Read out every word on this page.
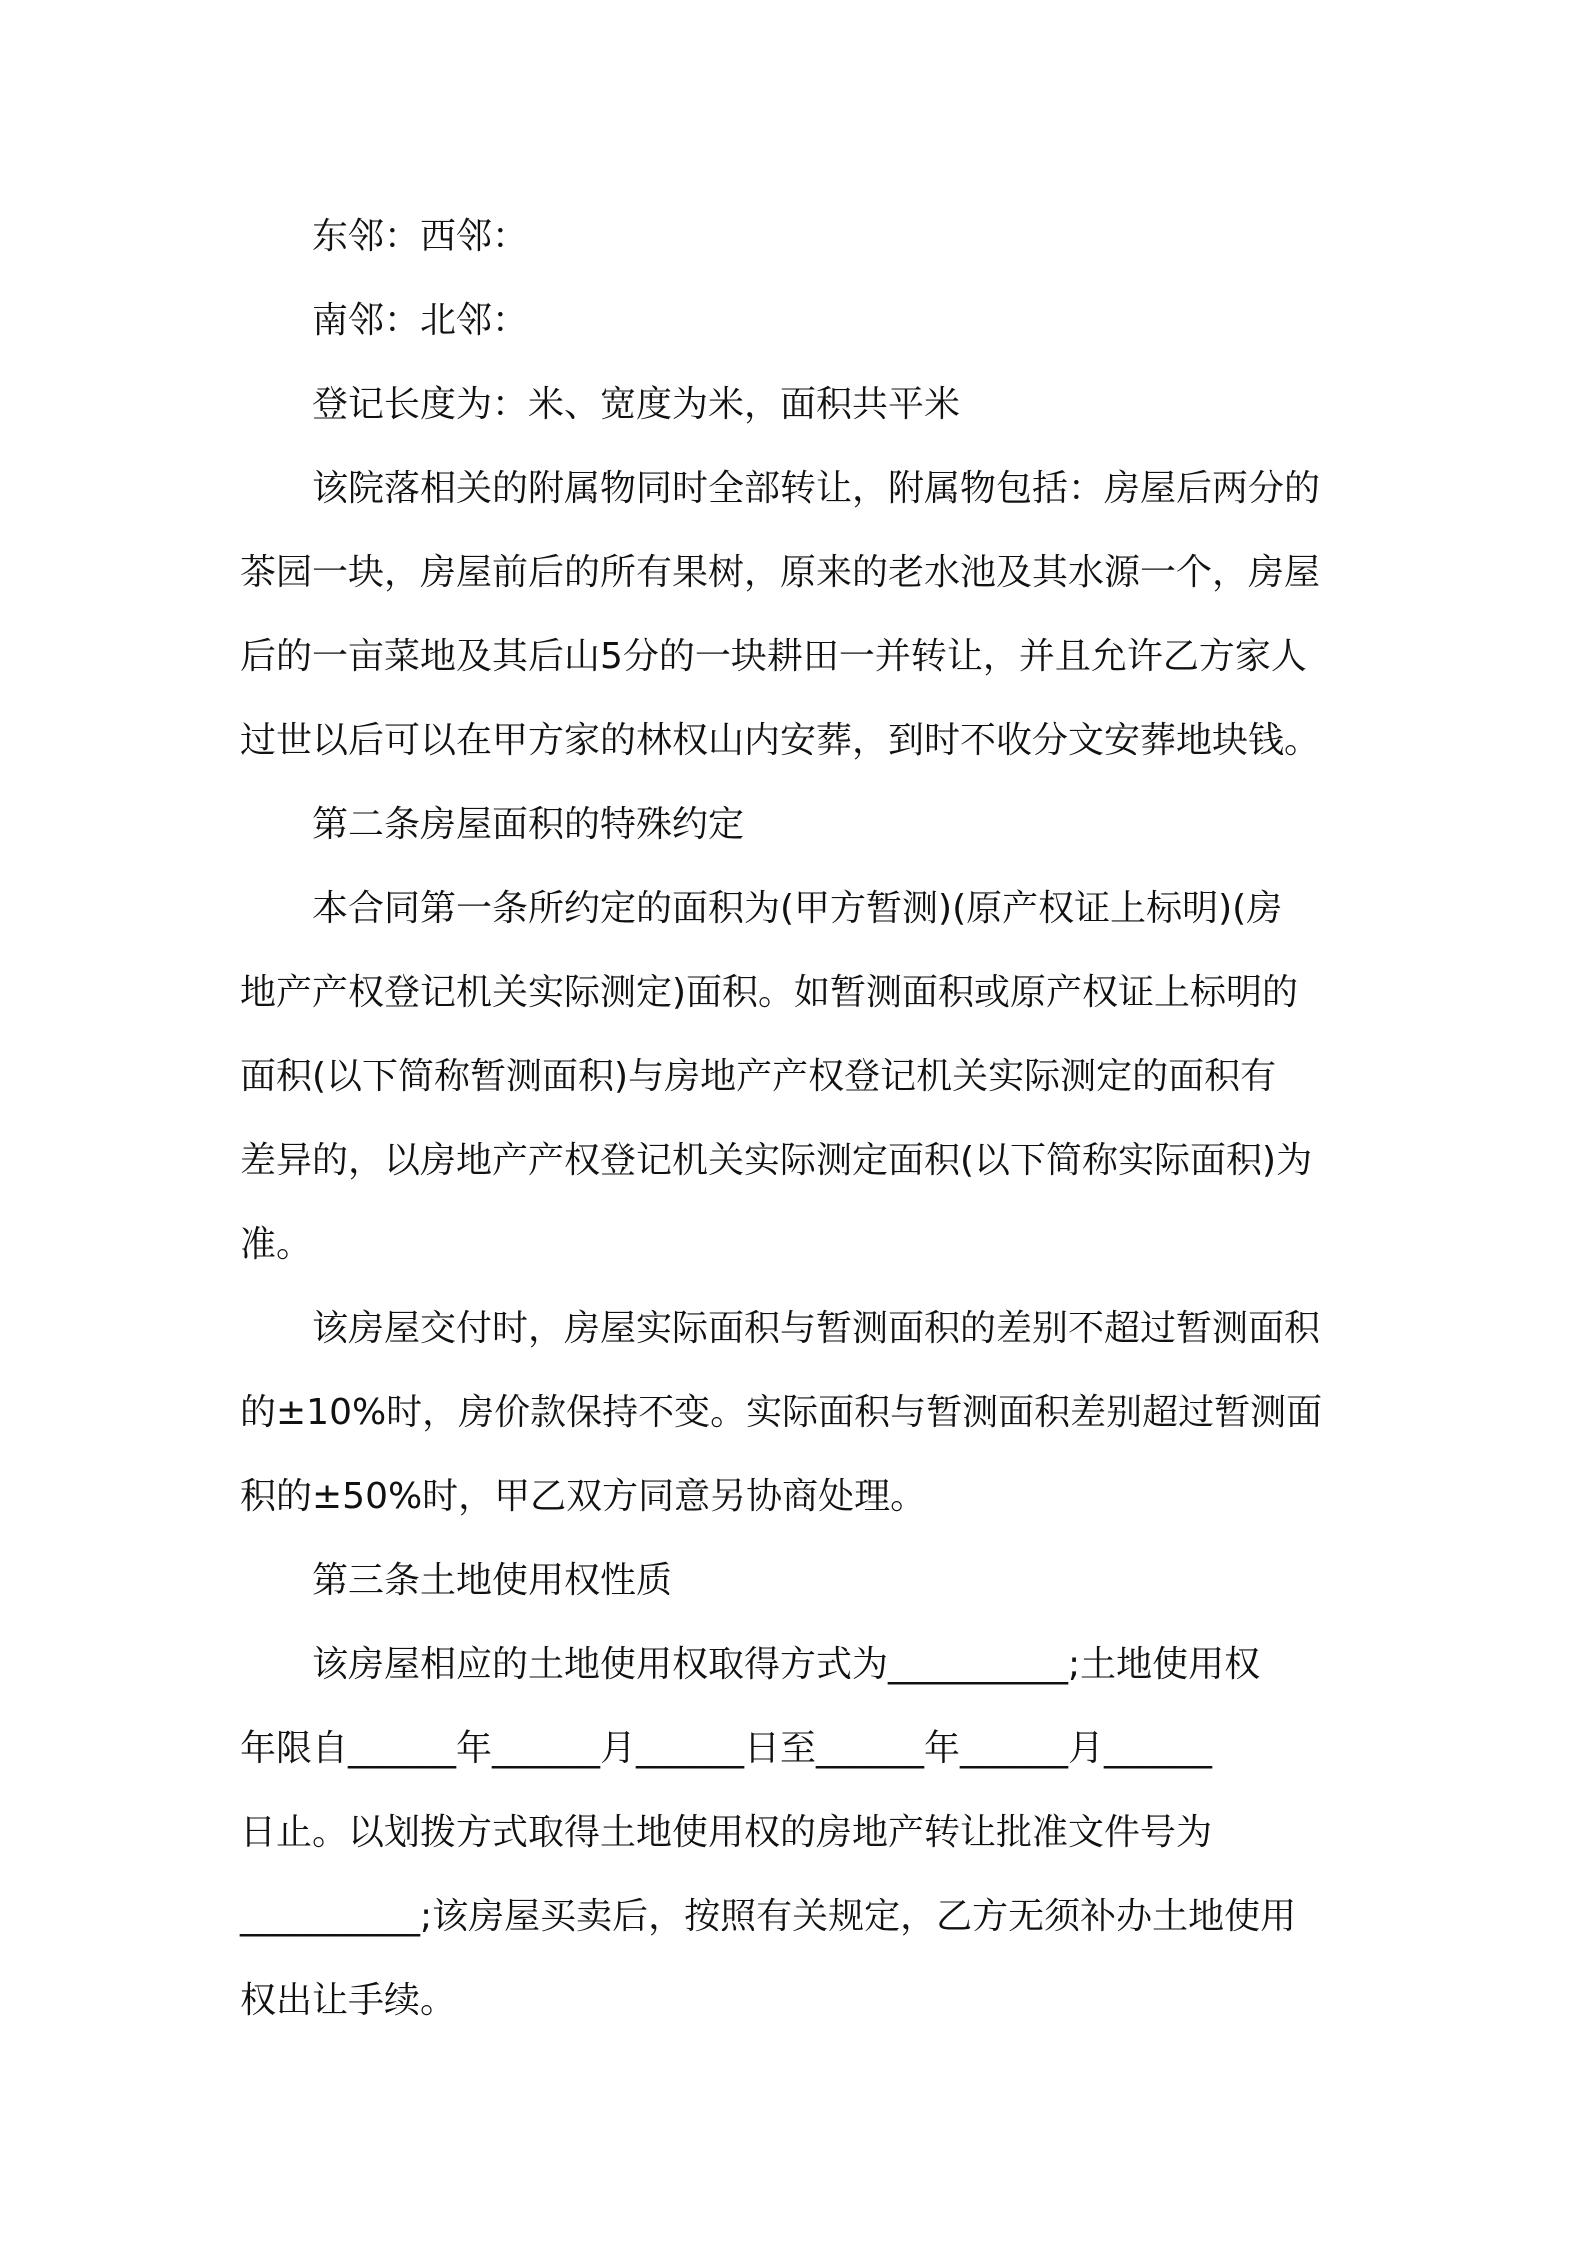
东邻：西邻：
南邻：北邻：
登记长度为：米、宽度为米，面积共平米
该院落相关的附属物同时全部转让，附属物包括：房屋后两分的
茶园一块，房屋前后的所有果树，原来的老水池及其水源一个，房屋
后的一亩菜地及其后山5分的一块耕田一并转让，并且允许乙方家人
过世以后可以在甲方家的林权山内安葬，到时不收分文安葬地块钱。
第二条房屋面积的特殊约定
本合同第一条所约定的面积为(甲方暂测)(原产权证上标明)(房
地产产权登记机关实际测定)面积。如暂测面积或原产权证上标明的
面积(以下简称暂测面积)与房地产产权登记机关实际测定的面积有
差异的，以房地产产权登记机关实际测定面积(以下简称实际面积)为
准。
该房屋交付时，房屋实际面积与暂测面积的差别不超过暂测面积
的±10%时，房价款保持不变。实际面积与暂测面积差别超过暂测面
积的±50%时，甲乙双方同意另协商处理。
第三条土地使用权性质
该房屋相应的土地使用权取得方式为__________;土地使用权
年限自______年______月______日至______年______月______
日止。以划拨方式取得土地使用权的房地产转让批准文件号为
__________;该房屋买卖后，按照有关规定，乙方无须补办土地使用
权出让手续。
